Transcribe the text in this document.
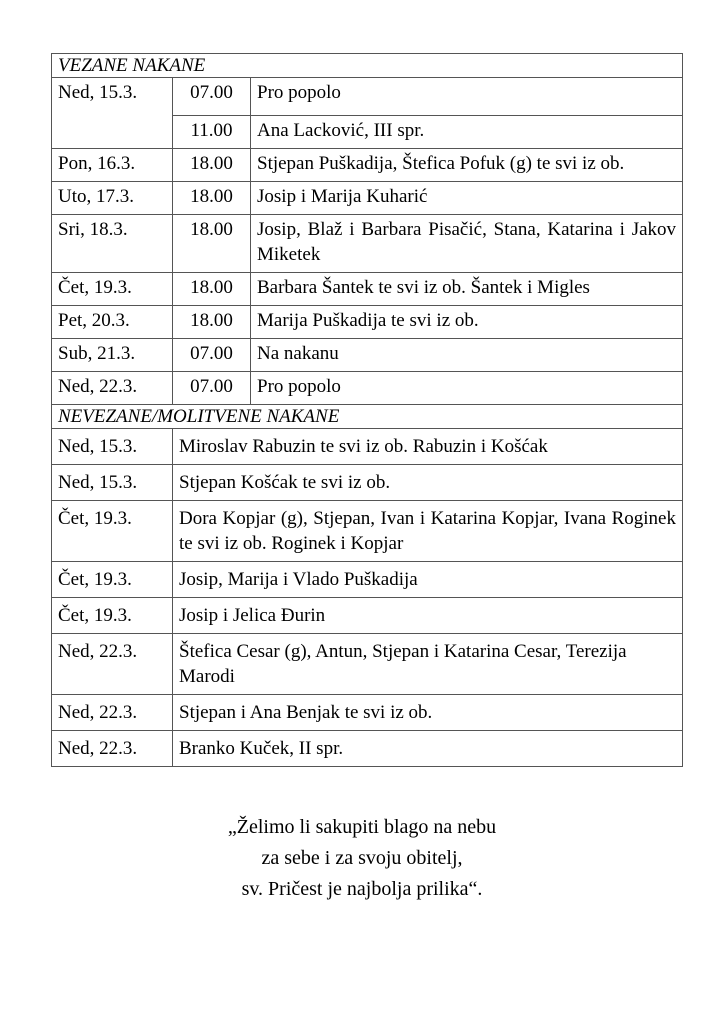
VEZANE NAKANE		
Ned, 15.3.	07.00	Pro popolo
	11.00	Ana Lacković, III spr.
Pon, 16.3.	18.00	Stjepan Puškadija, Štefica Pofuk (g) te svi iz ob.
Uto, 17.3.	18.00	Josip i Marija Kuharić
Sri, 18.3.	18.00	Josip, Blaž i Barbara Pisačić, Stana, Katarina i Jakov Miketek
Čet, 19.3.	18.00	Barbara Šantek te svi iz ob. Šantek i Migles
Pet, 20.3.	18.00	Marija Puškadija te svi iz ob.
Sub, 21.3.	07.00	Na nakanu
Ned, 22.3.	07.00	Pro popolo
NEVEZANE/MOLITVENE NAKANE	
Ned, 15.3.	Miroslav Rabuzin te svi iz ob. Rabuzin i Košćak
Ned, 15.3.	Stjepan Košćak te svi iz ob.
Čet, 19.3.	Dora Kopjar (g), Stjepan, Ivan i Katarina Kopjar, Ivana Roginek te svi iz ob. Roginek i Kopjar
Čet, 19.3.	Josip, Marija i Vlado Puškadija
Čet, 19.3.	Josip i Jelica Đurin
Ned, 22.3.	Štefica Cesar (g), Antun, Stjepan i Katarina Cesar, Terezija Marodi
Ned, 22.3.	Stjepan i Ana Benjak te svi iz ob.
Ned, 22.3.	Branko Kuček, II spr.
„Želimo li sakupiti blago na nebu
za sebe i za svoju obitelj,
sv. Pričest je najbolja prilika“.
